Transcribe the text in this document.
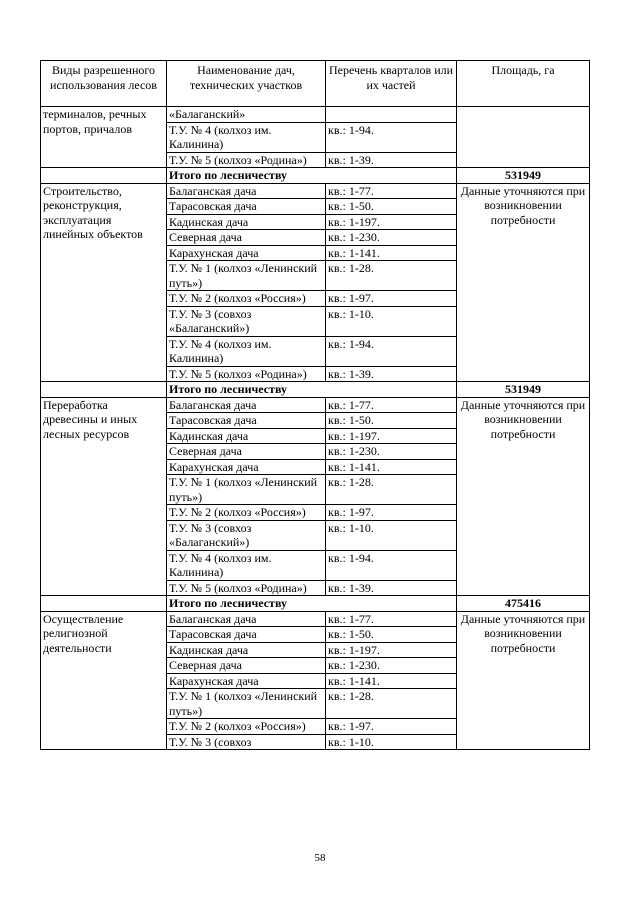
Виды разрешенного использования лесов	Наименование дач, технических участков	Перечень кварталов или их частей	Площадь, га
терминалов, речных портов, причалов	«Балаганский»		
	Т.У. № 4 (колхоз им. Калинина)	кв.: 1-94.	
	Т.У. № 5 (колхоз «Родина»)	кв.: 1-39.	
	Итого по лесничеству		531949
Строительство, реконструкция, эксплуатация линейных объектов	Балаганская дача	кв.: 1-77.	Данные уточняются при возникновении потребности
	Тарасовская дача	кв.: 1-50.	
	Кадинская дача	кв.: 1-197.	
	Северная дача	кв.: 1-230.	
	Карахунская дача	кв.: 1-141.	
	Т.У. № 1 (колхоз «Ленинский путь»)	кв.: 1-28.	
	Т.У. № 2 (колхоз «Россия»)	кв.: 1-97.	
	Т.У. № 3 (совхоз «Балаганский»)	кв.: 1-10.	
	Т.У. № 4 (колхоз им. Калинина)	кв.: 1-94.	
	Т.У. № 5 (колхоз «Родина»)	кв.: 1-39.	
	Итого по лесничеству		531949
Переработка древесины и иных лесных ресурсов	Балаганская дача	кв.: 1-77.	Данные уточняются при возникновении потребности
	Тарасовская дача	кв.: 1-50.	
	Кадинская дача	кв.: 1-197.	
	Северная дача	кв.: 1-230.	
	Карахунская дача	кв.: 1-141.	
	Т.У. № 1 (колхоз «Ленинский путь»)	кв.: 1-28.	
	Т.У. № 2 (колхоз «Россия»)	кв.: 1-97.	
	Т.У. № 3 (совхоз «Балаганский»)	кв.: 1-10.	
	Т.У. № 4 (колхоз им. Калинина)	кв.: 1-94.	
	Т.У. № 5 (колхоз «Родина»)	кв.: 1-39.	
	Итого по лесничеству		475416
Осуществление религиозной деятельности	Балаганская дача	кв.: 1-77.	Данные уточняются при возникновении потребности
	Тарасовская дача	кв.: 1-50.	
	Кадинская дача	кв.: 1-197.	
	Северная дача	кв.: 1-230.	
	Карахунская дача	кв.: 1-141.	
	Т.У. № 1 (колхоз «Ленинский путь»)	кв.: 1-28.	
	Т.У. № 2 (колхоз «Россия»)	кв.: 1-97.	
	Т.У. № 3 (совхоз	кв.: 1-10.	
58
